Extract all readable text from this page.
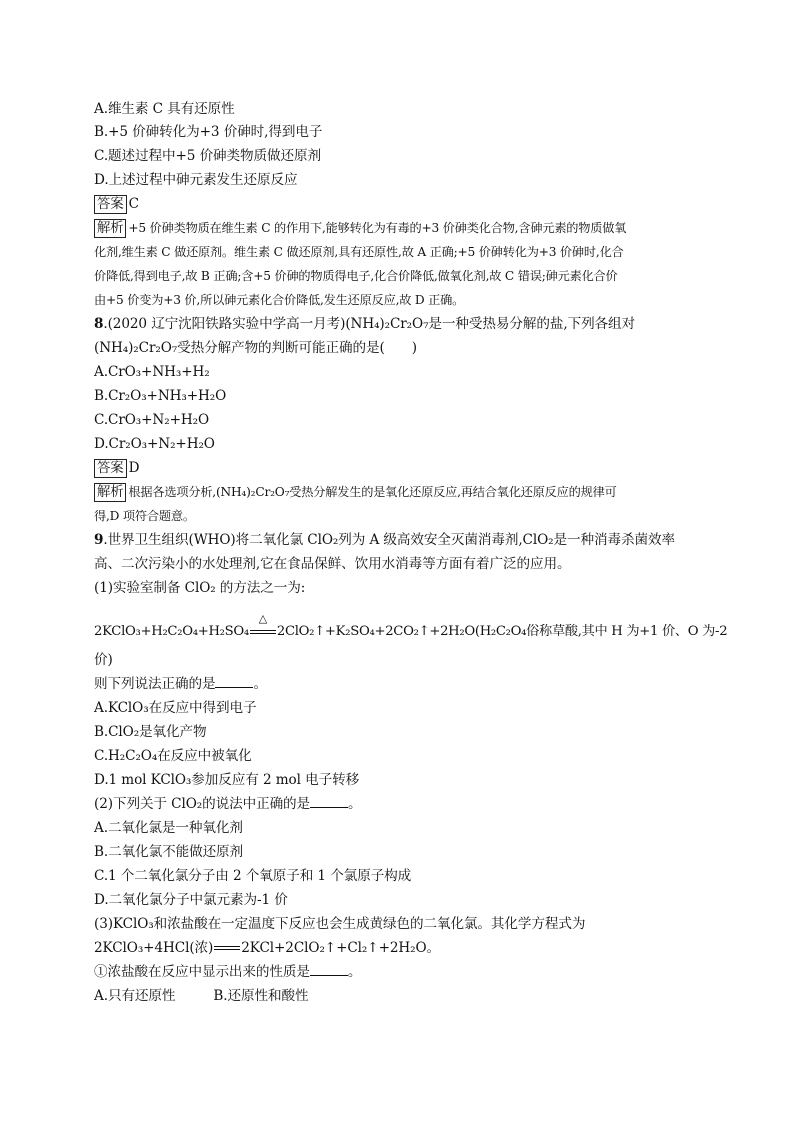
A.维生素 C 具有还原性
B.+5 价砷转化为+3 价砷时,得到电子
C.题述过程中+5 价砷类物质做还原剂
D.上述过程中砷元素发生还原反应
答案 C
解析 +5 价砷类物质在维生素 C 的作用下,能够转化为有毒的+3 价砷类化合物,含砷元素的物质做氧
化剂,维生素 C 做还原剂。维生素 C 做还原剂,具有还原性,故 A 正确;+5 价砷转化为+3 价砷时,化合
价降低,得到电子,故 B 正确;含+5 价砷的物质得电子,化合价降低,做氧化剂,故 C 错误;砷元素化合价
由+5 价变为+3 价,所以砷元素化合价降低,发生还原反应,故 D 正确。
8.(2020 辽宁沈阳铁路实验中学高一月考)(NH₄)₂Cr₂O₇是一种受热易分解的盐,下列各组对
(NH₄)₂Cr₂O₇受热分解产物的判断可能正确的是(　　)
A.CrO₃+NH₃+H₂
B.Cr₂O₃+NH₃+H₂O
C.CrO₃+N₂+H₂O
D.Cr₂O₃+N₂+H₂O
答案 D
解析 根据各选项分析,(NH₄)₂Cr₂O₇受热分解发生的是氧化还原反应,再结合氧化还原反应的规律可
得,D 项符合题意。
9.世界卫生组织(WHO)将二氧化氯 ClO₂列为 A 级高效安全灭菌消毒剂,ClO₂是一种消毒杀菌效率
高、二次污染小的水处理剂,它在食品保鲜、饮用水消毒等方面有着广泛的应用。
(1)实验室制备 ClO₂ 的方法之一为:
2KClO₃+H₂C₂O₄+H₂SO₄
△
2ClO₂↑+K₂SO₄+2CO₂↑+2H₂O(H₂C₂O₄俗称草酸,其中 H 为+1 价、O 为-2
价)
则下列说法正确的是	。
A.KClO₃在反应中得到电子
B.ClO₂是氧化产物
C.H₂C₂O₄在反应中被氧化
D.1 mol KClO₃参加反应有 2 mol 电子转移
(2)下列关于 ClO₂的说法中正确的是	。
A.二氧化氯是一种氧化剂
B.二氧化氯不能做还原剂
C.1 个二氧化氯分子由 2 个氧原子和 1 个氯原子构成
D.二氧化氯分子中氯元素为-1 价
(3)KClO₃和浓盐酸在一定温度下反应也会生成黄绿色的二氧化氯。其化学方程式为
2KClO₃+4HCl(浓) 2KCl+2ClO₂↑+Cl₂↑+2H₂O。
①浓盐酸在反应中显示出来的性质是	。
A.只有还原性	B.还原性和酸性
